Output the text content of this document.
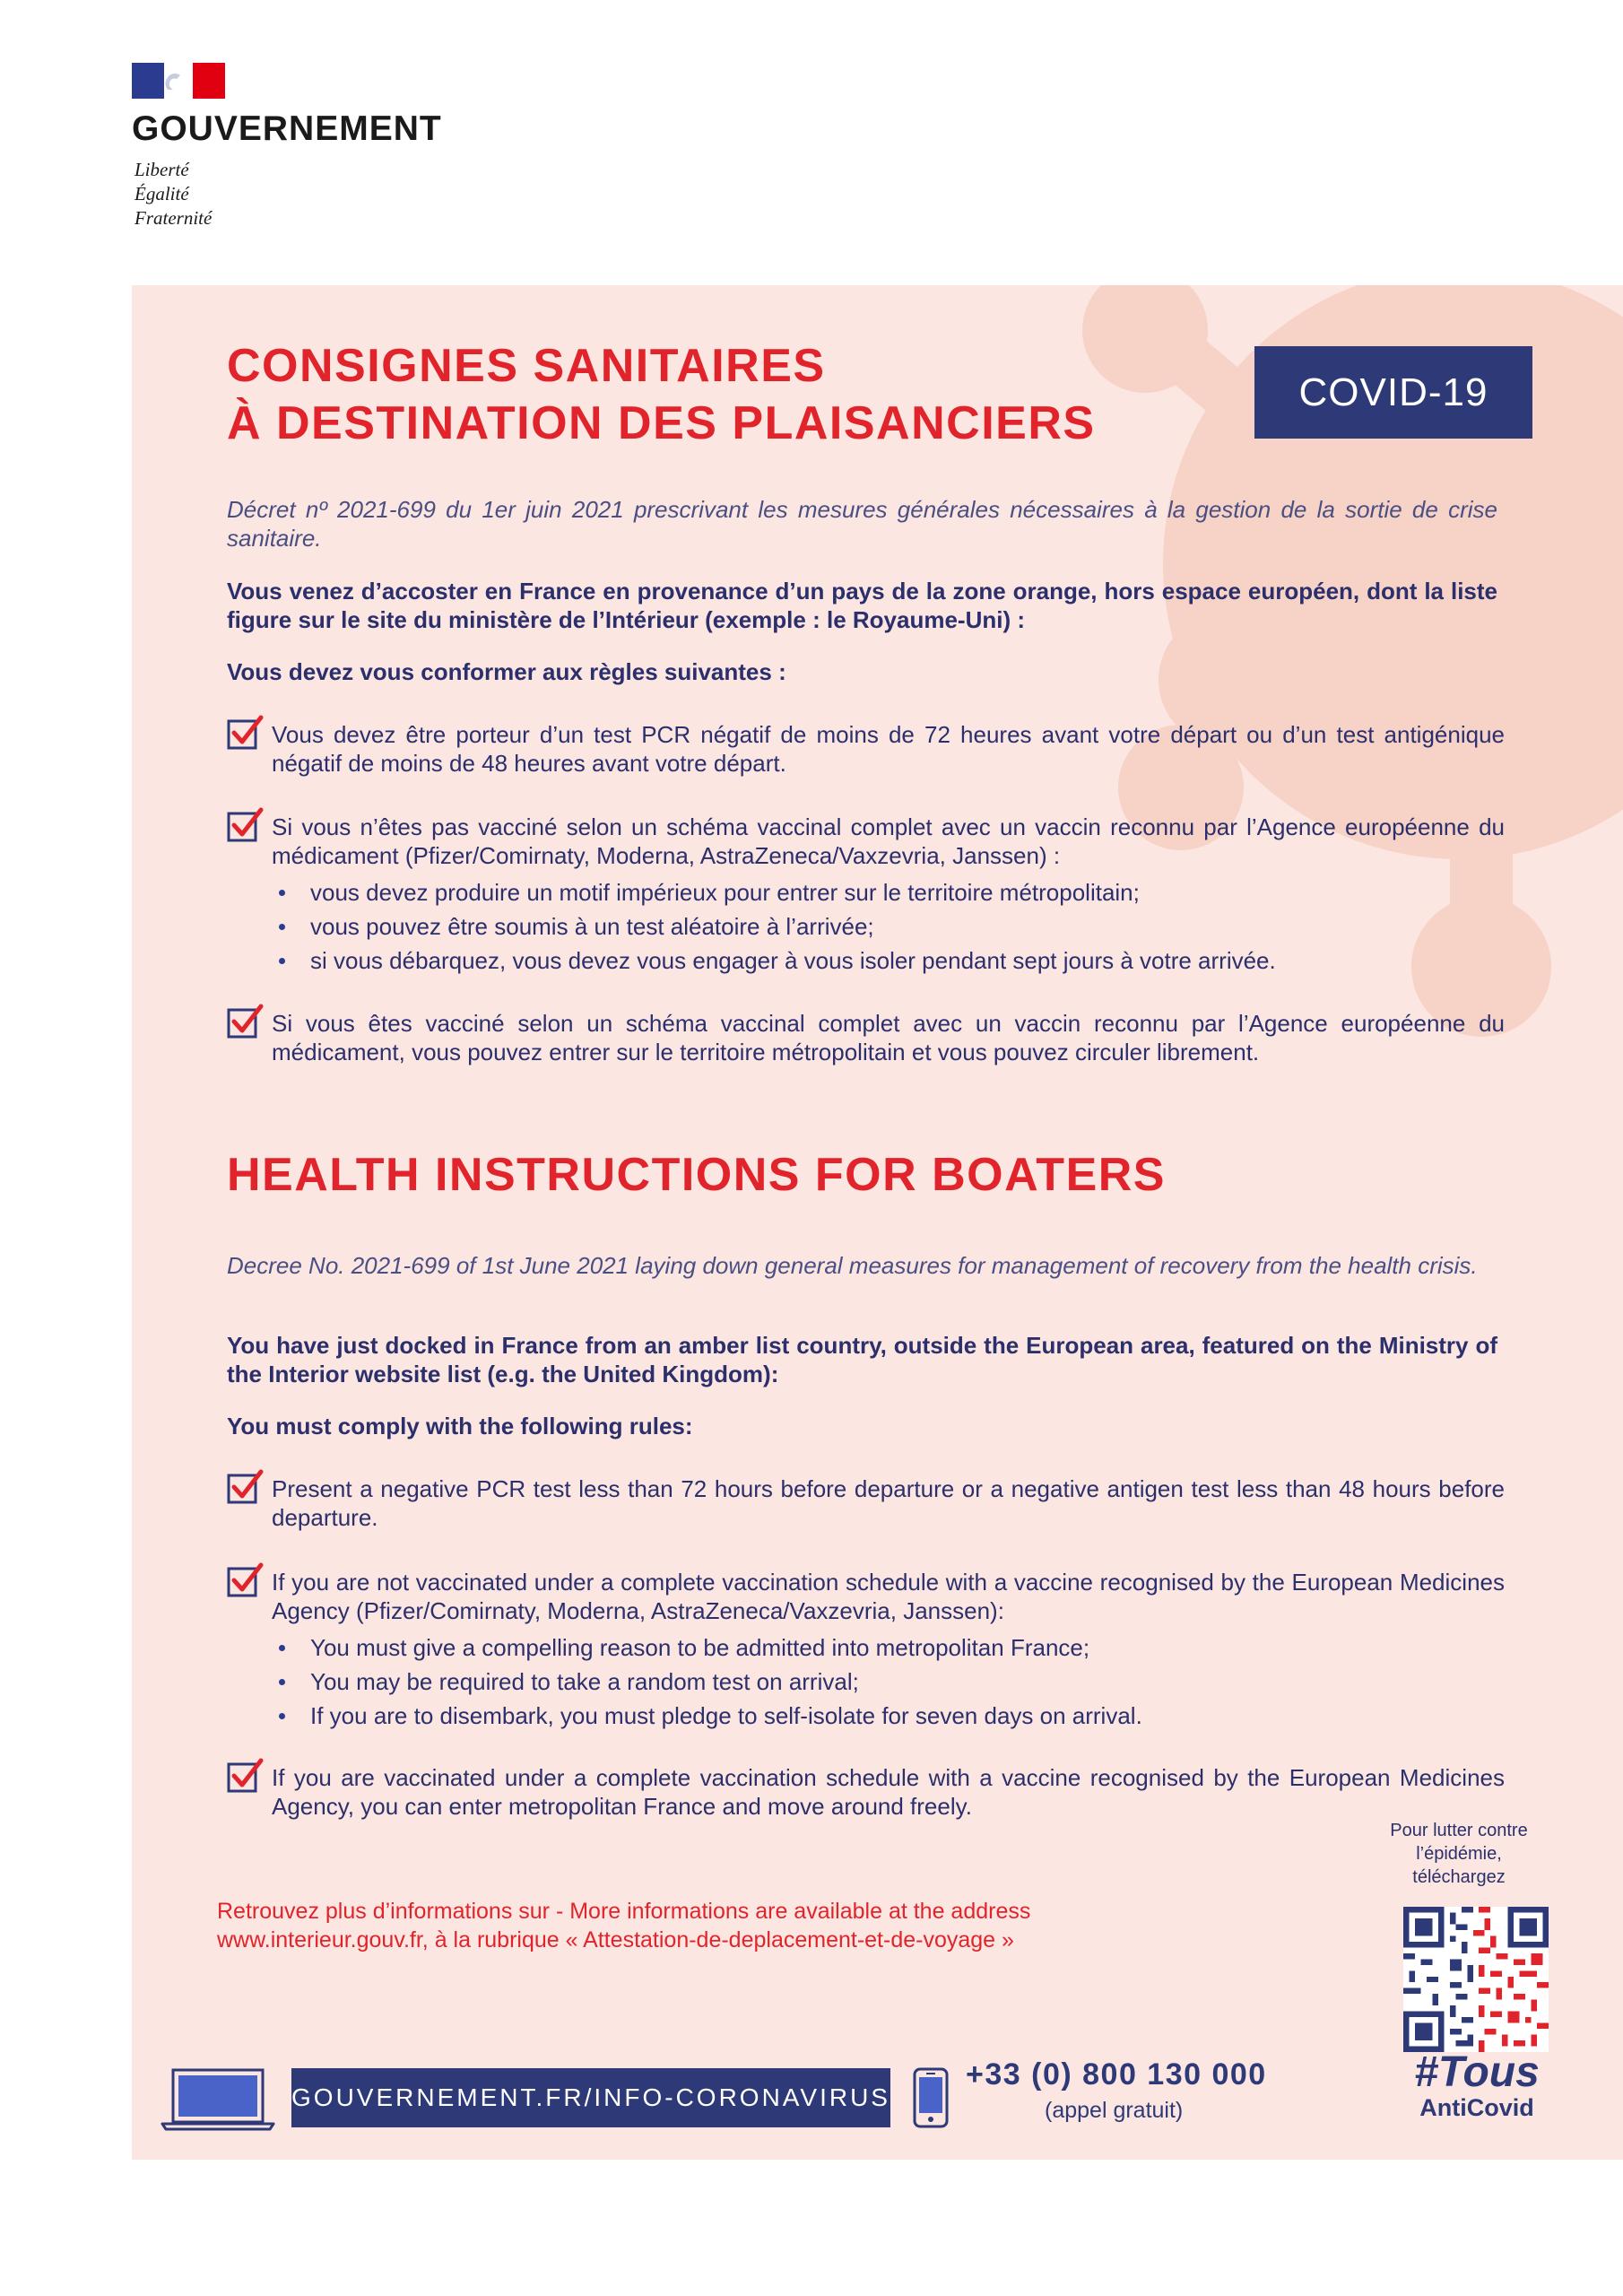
GOUVERNEMENT
Liberté
Égalité
Fraternité
COVID-19
CONSIGNES SANITAIRES
À DESTINATION DES PLAISANCIERS

Décret nº 2021-699 du 1er juin 2021 prescrivant les mesures générales nécessaires à la gestion de la sortie de crise sanitaire.

Vous venez d’accoster en France en provenance d’un pays de la zone orange, hors espace européen, dont la liste figure sur le site du ministère de l’Intérieur (exemple : le Royaume-Uni) :

Vous devez vous conformer aux règles suivantes :

Vous devez être porteur d’un test PCR négatif de moins de 72 heures avant votre départ ou d’un test antigénique négatif de moins de 48 heures avant votre départ.
Si vous n’êtes pas vacciné selon un schéma vaccinal complet avec un vaccin reconnu par l’Agence européenne du médicament (Pfizer/Comirnaty, Moderna, AstraZeneca/Vaxzevria, Janssen) :
vous devez produire un motif impérieux pour entrer sur le territoire métropolitain;
vous pouvez être soumis à un test aléatoire à l’arrivée;
si vous débarquez, vous devez vous engager à vous isoler pendant sept jours à votre arrivée.
Si vous êtes vacciné selon un schéma vaccinal complet avec un vaccin reconnu par l’Agence européenne du médicament, vous pouvez entrer sur le territoire métropolitain et vous pouvez circuler librement.
HEALTH INSTRUCTIONS FOR BOATERS

Decree No. 2021-699 of 1st June 2021 laying down general measures for management of recovery from the health crisis.

You have just docked in France from an amber list country, outside the European area, featured on the Ministry of the Interior website list (e.g. the United Kingdom):

You must comply with the following rules:

Present a negative PCR test less than 72 hours before departure or a negative antigen test less than 48 hours before departure.
If you are not vaccinated under a complete vaccination schedule with a vaccine recognised by the European Medicines Agency (Pfizer/Comirnaty, Moderna, AstraZeneca/Vaxzevria, Janssen):
You must give a compelling reason to be admitted into metropolitan France;
You may be required to take a random test on arrival;
If you are to disembark, you must pledge to self-isolate for seven days on arrival.
If you are vaccinated under a complete vaccination schedule with a vaccine recognised by the European Medicines Agency, you can enter metropolitan France and move around freely.

Pour lutter contre
l’épidémie,
téléchargez

#Tous
AntiCovid

Retrouvez plus d’informations sur - More informations are available at the address
www.interieur.gouv.fr, à la rubrique « Attestation-de-deplacement-et-de-voyage »

GOUVERNEMENT.FR/INFO-CORONAVIRUS

+33 (0) 800 130 000

(appel gratuit)
